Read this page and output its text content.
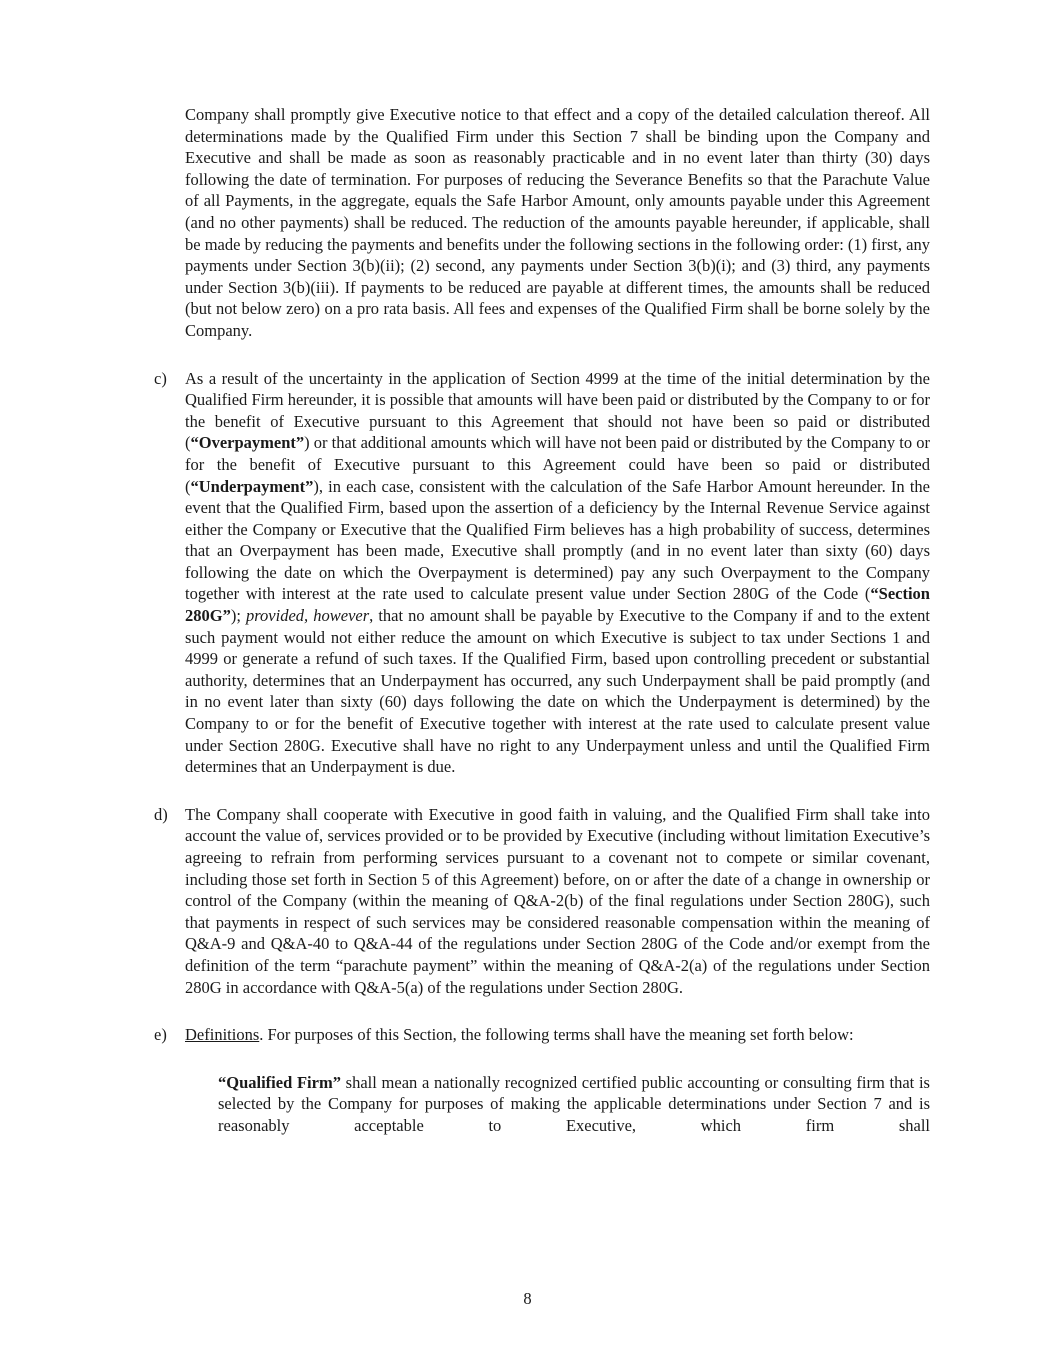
Company shall promptly give Executive notice to that effect and a copy of the detailed calculation thereof. All determinations made by the Qualified Firm under this Section 7 shall be binding upon the Company and Executive and shall be made as soon as reasonably practicable and in no event later than thirty (30) days following the date of termination. For purposes of reducing the Severance Benefits so that the Parachute Value of all Payments, in the aggregate, equals the Safe Harbor Amount, only amounts payable under this Agreement (and no other payments) shall be reduced. The reduction of the amounts payable hereunder, if applicable, shall be made by reducing the payments and benefits under the following sections in the following order: (1) first, any payments under Section 3(b)(ii); (2) second, any payments under Section 3(b)(i); and (3) third, any payments under Section 3(b)(iii). If payments to be reduced are payable at different times, the amounts shall be reduced (but not below zero) on a pro rata basis. All fees and expenses of the Qualified Firm shall be borne solely by the Company.
c) As a result of the uncertainty in the application of Section 4999 at the time of the initial determination by the Qualified Firm hereunder, it is possible that amounts will have been paid or distributed by the Company to or for the benefit of Executive pursuant to this Agreement that should not have been so paid or distributed (“Overpayment”) or that additional amounts which will have not been paid or distributed by the Company to or for the benefit of Executive pursuant to this Agreement could have been so paid or distributed (“Underpayment”), in each case, consistent with the calculation of the Safe Harbor Amount hereunder. In the event that the Qualified Firm, based upon the assertion of a deficiency by the Internal Revenue Service against either the Company or Executive that the Qualified Firm believes has a high probability of success, determines that an Overpayment has been made, Executive shall promptly (and in no event later than sixty (60) days following the date on which the Overpayment is determined) pay any such Overpayment to the Company together with interest at the rate used to calculate present value under Section 280G of the Code (“Section 280G”); provided, however, that no amount shall be payable by Executive to the Company if and to the extent such payment would not either reduce the amount on which Executive is subject to tax under Sections 1 and 4999 or generate a refund of such taxes. If the Qualified Firm, based upon controlling precedent or substantial authority, determines that an Underpayment has occurred, any such Underpayment shall be paid promptly (and in no event later than sixty (60) days following the date on which the Underpayment is determined) by the Company to or for the benefit of Executive together with interest at the rate used to calculate present value under Section 280G. Executive shall have no right to any Underpayment unless and until the Qualified Firm determines that an Underpayment is due.
d) The Company shall cooperate with Executive in good faith in valuing, and the Qualified Firm shall take into account the value of, services provided or to be provided by Executive (including without limitation Executive’s agreeing to refrain from performing services pursuant to a covenant not to compete or similar covenant, including those set forth in Section 5 of this Agreement) before, on or after the date of a change in ownership or control of the Company (within the meaning of Q&A-2(b) of the final regulations under Section 280G), such that payments in respect of such services may be considered reasonable compensation within the meaning of Q&A-9 and Q&A-40 to Q&A-44 of the regulations under Section 280G of the Code and/or exempt from the definition of the term “parachute payment” within the meaning of Q&A-2(a) of the regulations under Section 280G in accordance with Q&A-5(a) of the regulations under Section 280G.
e) Definitions. For purposes of this Section, the following terms shall have the meaning set forth below:
“Qualified Firm” shall mean a nationally recognized certified public accounting or consulting firm that is selected by the Company for purposes of making the applicable determinations under Section 7 and is reasonably acceptable to Executive, which firm shall
8
